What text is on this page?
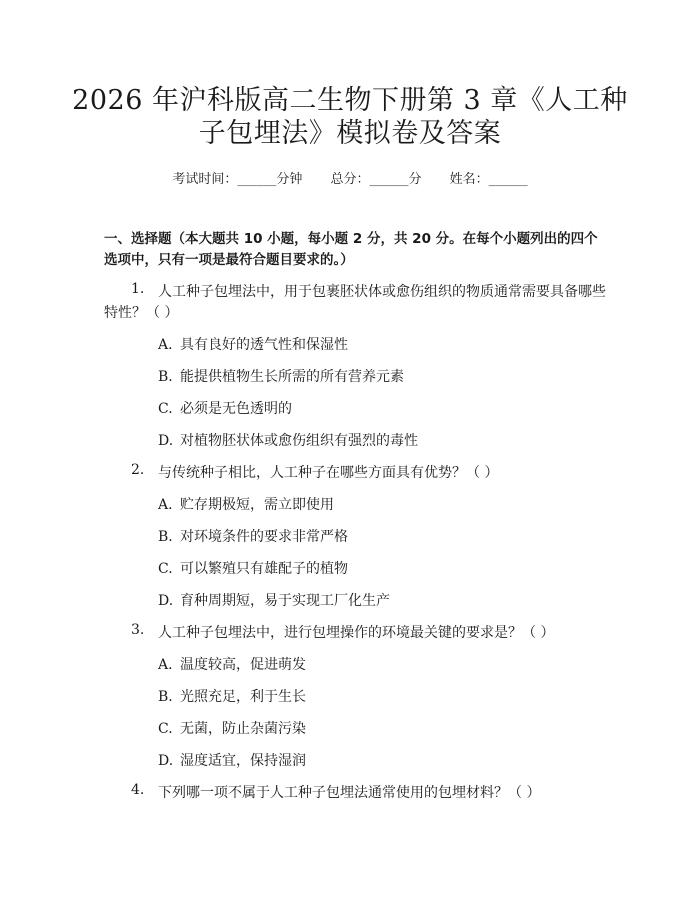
2026 年沪科版高二生物下册第 3 章《人工种
子包埋法》模拟卷及答案
考试时间：______分钟 总分：______分 姓名：______
一、选择题（本大题共 10 小题，每小题 2 分，共 20 分。在每个小题列出的四个
选项中，只有一项是最符合题目要求的。）
1. 人工种子包埋法中，用于包裹胚状体或愈伤组织的物质通常需要具备哪些
特性？（ ）
A. 具有良好的透气性和保湿性
B. 能提供植物生长所需的所有营养元素
C. 必须是无色透明的
D. 对植物胚状体或愈伤组织有强烈的毒性
2. 与传统种子相比，人工种子在哪些方面具有优势？（ ）
A. 贮存期极短，需立即使用
B. 对环境条件的要求非常严格
C. 可以繁殖只有雄配子的植物
D. 育种周期短，易于实现工厂化生产
3. 人工种子包埋法中，进行包埋操作的环境最关键的要求是？（ ）
A. 温度较高，促进萌发
B. 光照充足，利于生长
C. 无菌，防止杂菌污染
D. 湿度适宜，保持湿润
4. 下列哪一项不属于人工种子包埋法通常使用的包埋材料？（ ）
